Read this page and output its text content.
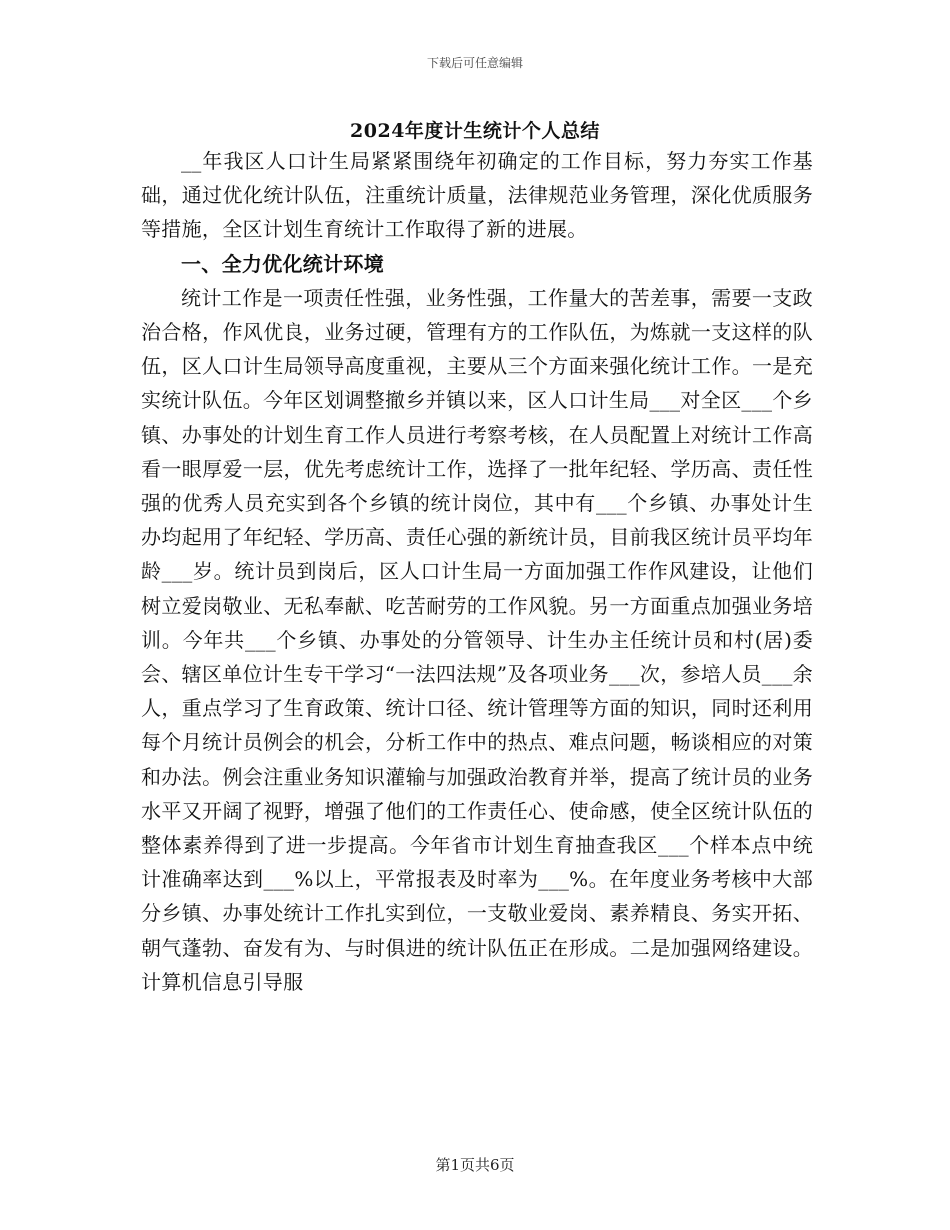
下载后可任意编辑
2024年度计生统计个人总结

__年我区人口计生局紧紧围绕年初确定的工作目标，努力夯实工作基础，通过优化统计队伍，注重统计质量，法律规范业务管理，深化优质服务等措施，全区计划生育统计工作取得了新的进展。

一、全力优化统计环境

统计工作是一项责任性强，业务性强，工作量大的苦差事，需要一支政治合格，作风优良，业务过硬，管理有方的工作队伍，为炼就一支这样的队伍，区人口计生局领导高度重视，主要从三个方面来强化统计工作。一是充实统计队伍。今年区划调整撤乡并镇以来，区人口计生局___对全区___个乡镇、办事处的计划生育工作人员进行考察考核，在人员配置上对统计工作高看一眼厚爱一层，优先考虑统计工作，选择了一批年纪轻、学历高、责任性强的优秀人员充实到各个乡镇的统计岗位，其中有___个乡镇、办事处计生办均起用了年纪轻、学历高、责任心强的新统计员，目前我区统计员平均年龄___岁。统计员到岗后，区人口计生局一方面加强工作作风建设，让他们树立爱岗敬业、无私奉献、吃苦耐劳的工作风貌。另一方面重点加强业务培训。今年共___个乡镇、办事处的分管领导、计生办主任统计员和村(居)委会、辖区单位计生专干学习“一法四法规”及各项业务___次，参培人员___余人，重点学习了生育政策、统计口径、统计管理等方面的知识，同时还利用每个月统计员例会的机会，分析工作中的热点、难点问题，畅谈相应的对策和办法。例会注重业务知识灌输与加强政治教育并举，提高了统计员的业务水平又开阔了视野，增强了他们的工作责任心、使命感，使全区统计队伍的整体素养得到了进一步提高。今年省市计划生育抽查我区___个样本点中统计准确率达到___%以上，平常报表及时率为___%。在年度业务考核中大部分乡镇、办事处统计工作扎实到位，一支敬业爱岗、素养精良、务实开拓、朝气蓬勃、奋发有为、与时俱进的统计队伍正在形成。二是加强网络建设。计算机信息引导服

第1页共6页
